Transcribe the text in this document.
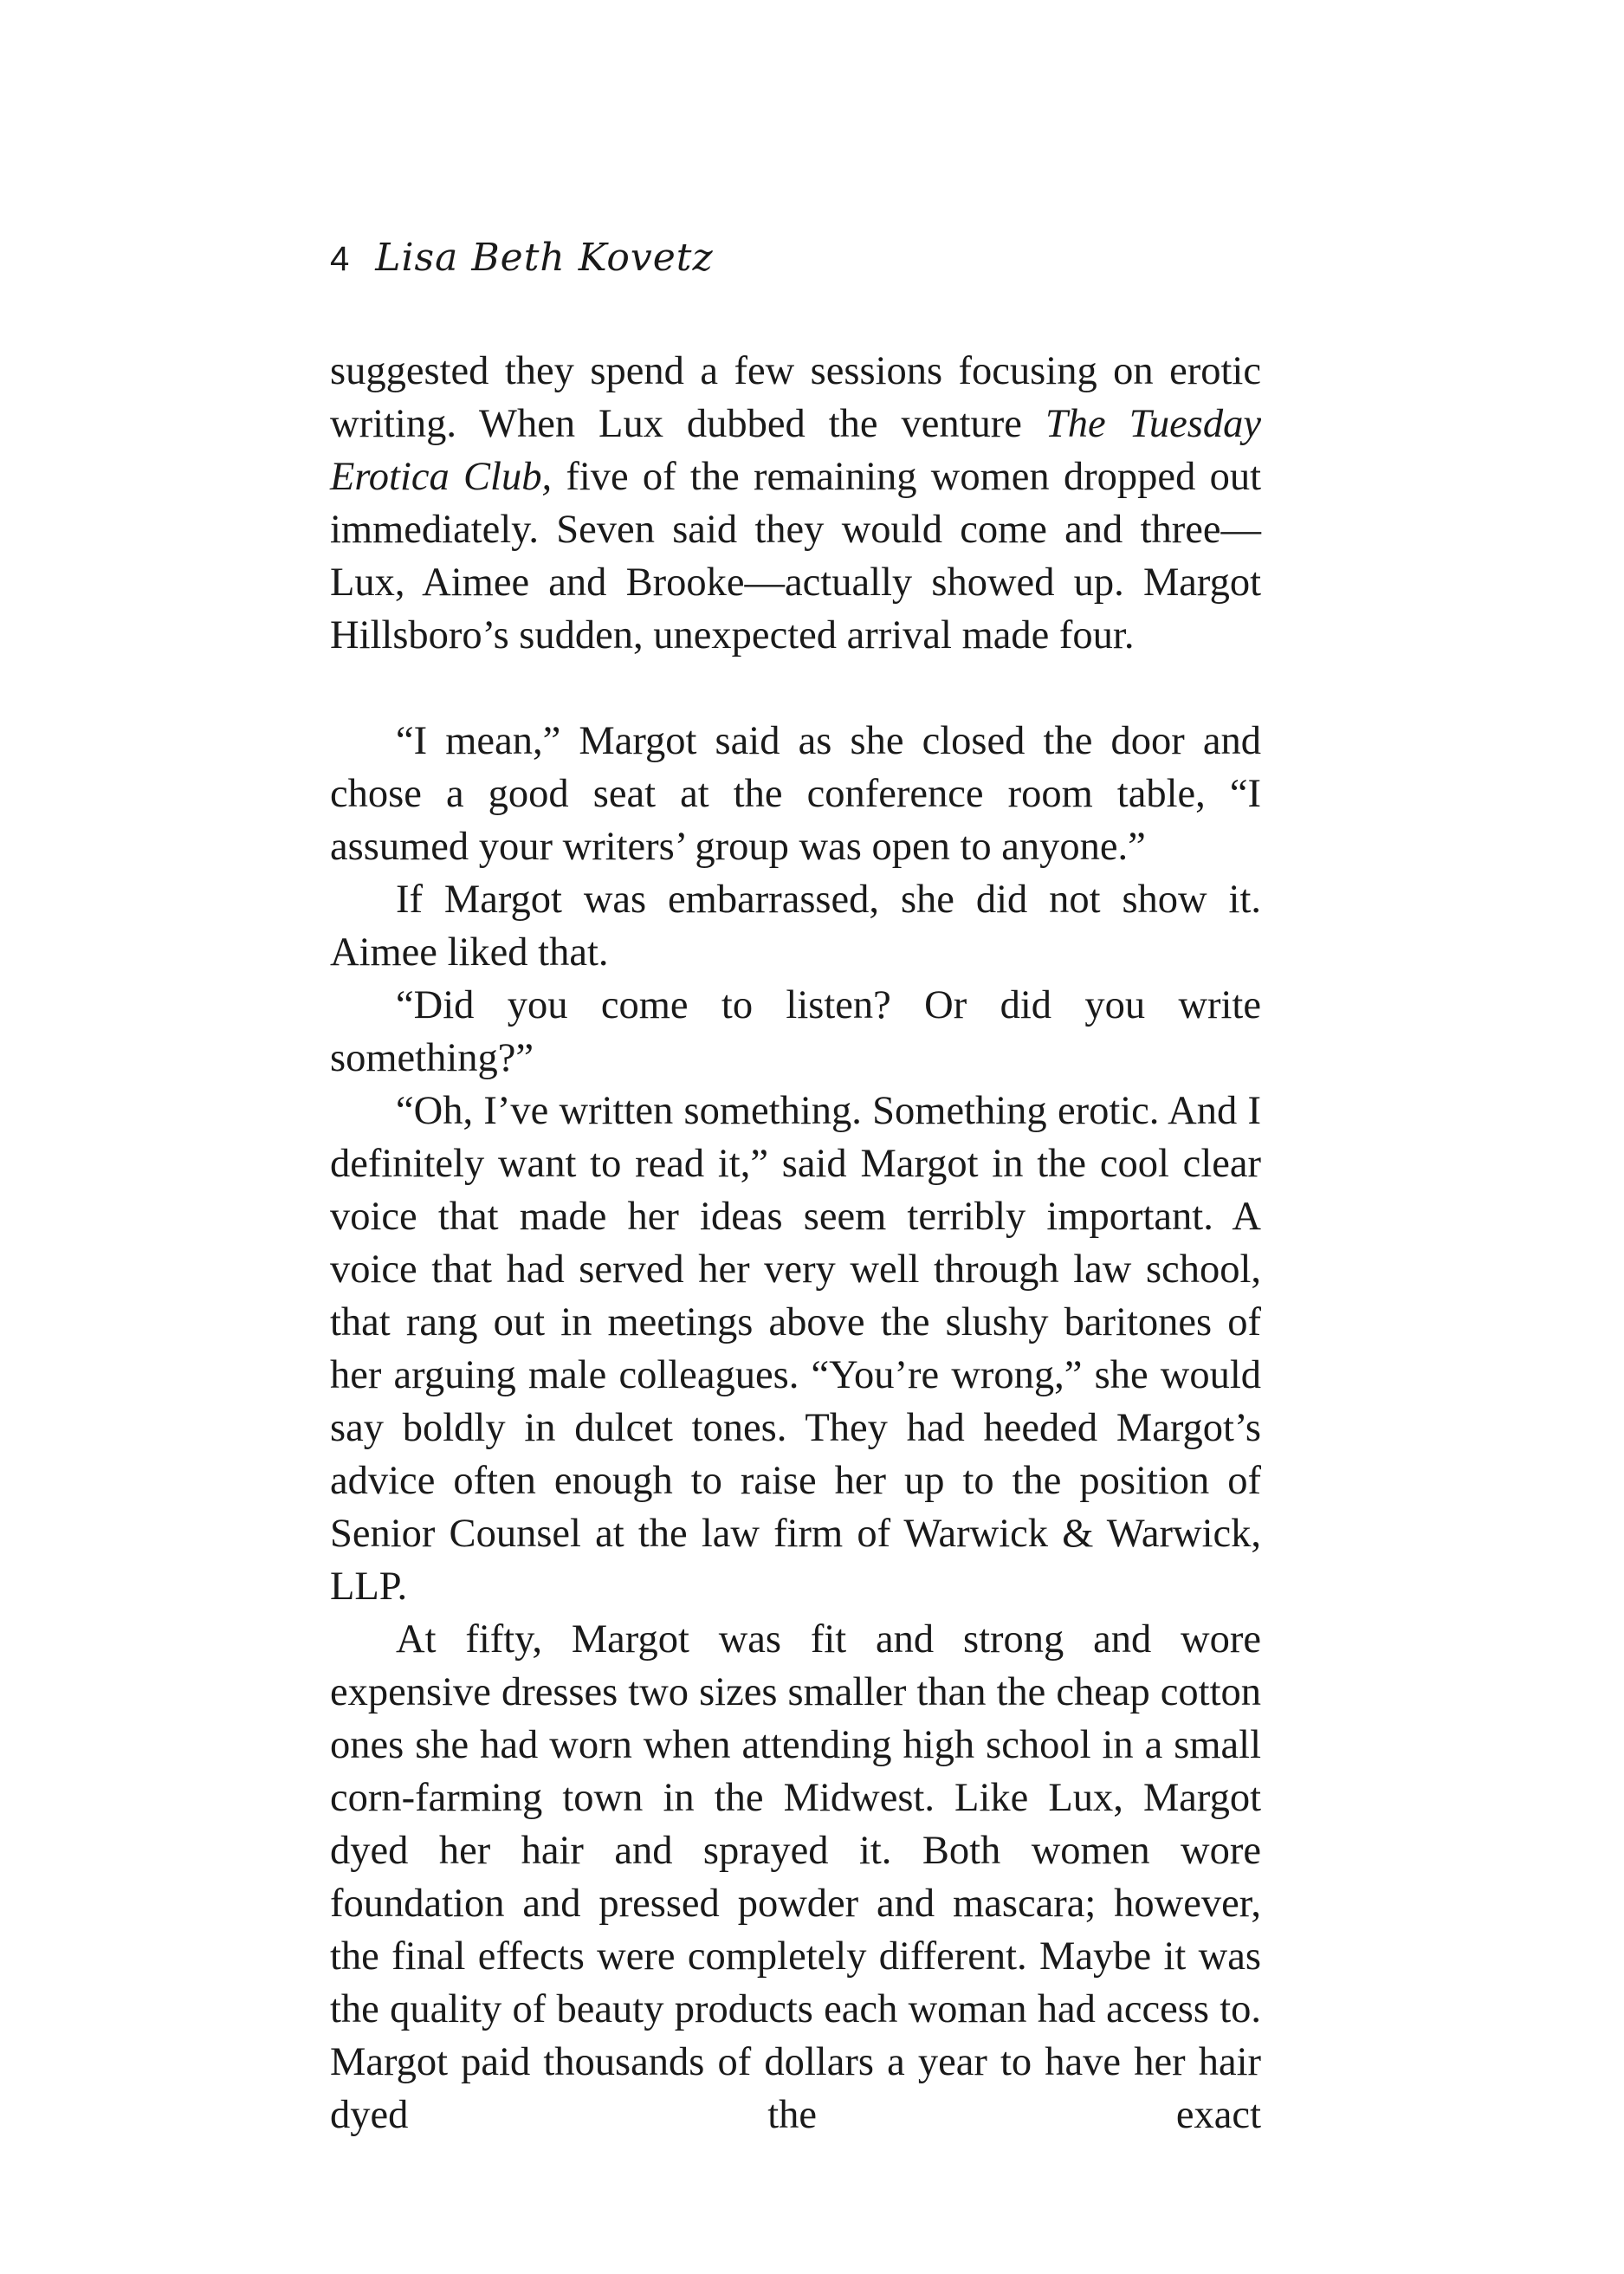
4 Lisa Beth Kovetz

suggested they spend a few sessions focusing on erotic writing. When Lux dubbed the venture The Tuesday Erotica Club, five of the remaining women dropped out immediately. Seven said they would come and three—Lux, Aimee and Brooke—actually showed up. Margot Hillsboro’s sudden, unexpected arrival made four.

“I mean,” Margot said as she closed the door and chose a good seat at the conference room table, “I assumed your writers’ group was open to anyone.”

If Margot was embarrassed, she did not show it. Aimee liked that.

“Did you come to listen? Or did you write something?”

“Oh, I’ve written something. Something erotic. And I definitely want to read it,” said Margot in the cool clear voice that made her ideas seem terribly important. A voice that had served her very well through law school, that rang out in meetings above the slushy baritones of her arguing male colleagues. “You’re wrong,” she would say boldly in dulcet tones. They had heeded Margot’s advice often enough to raise her up to the position of Senior Counsel at the law firm of Warwick & Warwick, LLP.

At fifty, Margot was fit and strong and wore expensive dresses two sizes smaller than the cheap cotton ones she had worn when attending high school in a small corn-farming town in the Midwest. Like Lux, Margot dyed her hair and sprayed it. Both women wore foundation and pressed powder and mascara; however, the final effects were completely different. Maybe it was the quality of beauty products each woman had access to. Margot paid thousands of dollars a year to have her hair dyed the exact
